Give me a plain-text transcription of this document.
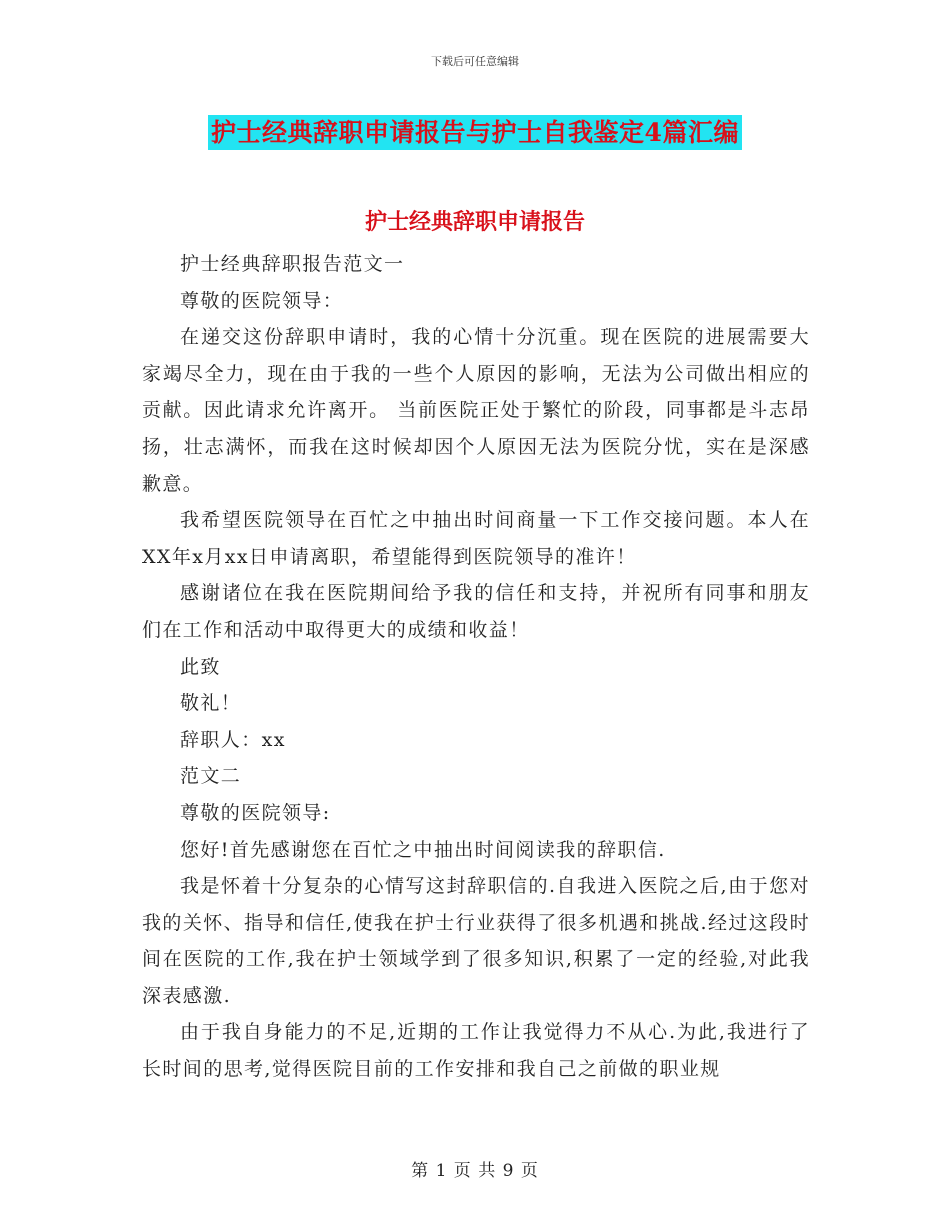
下载后可任意编辑
护士经典辞职申请报告与护士自我鉴定4篇汇编
护士经典辞职申请报告

护士经典辞职报告范文一

尊敬的医院领导：

在递交这份辞职申请时，我的心情十分沉重。现在医院的进展需要大家竭尽全力，现在由于我的一些个人原因的影响，无法为公司做出相应的贡献。因此请求允许离开。 当前医院正处于繁忙的阶段，同事都是斗志昂扬，壮志满怀，而我在这时候却因个人原因无法为医院分忧，实在是深感歉意。

我希望医院领导在百忙之中抽出时间商量一下工作交接问题。本人在XX年x月xx日申请离职，希望能得到医院领导的准许！

感谢诸位在我在医院期间给予我的信任和支持，并祝所有同事和朋友们在工作和活动中取得更大的成绩和收益！

此致

敬礼！

辞职人：xx

范文二

尊敬的医院领导:

您好!首先感谢您在百忙之中抽出时间阅读我的辞职信.

我是怀着十分复杂的心情写这封辞职信的.自我进入医院之后,由于您对我的关怀、指导和信任,使我在护士行业获得了很多机遇和挑战.经过这段时间在医院的工作,我在护士领域学到了很多知识,积累了一定的经验,对此我深表感激.

由于我自身能力的不足,近期的工作让我觉得力不从心.为此,我进行了长时间的思考,觉得医院目前的工作安排和我自己之前做的职业规

第 1 页 共 9 页
